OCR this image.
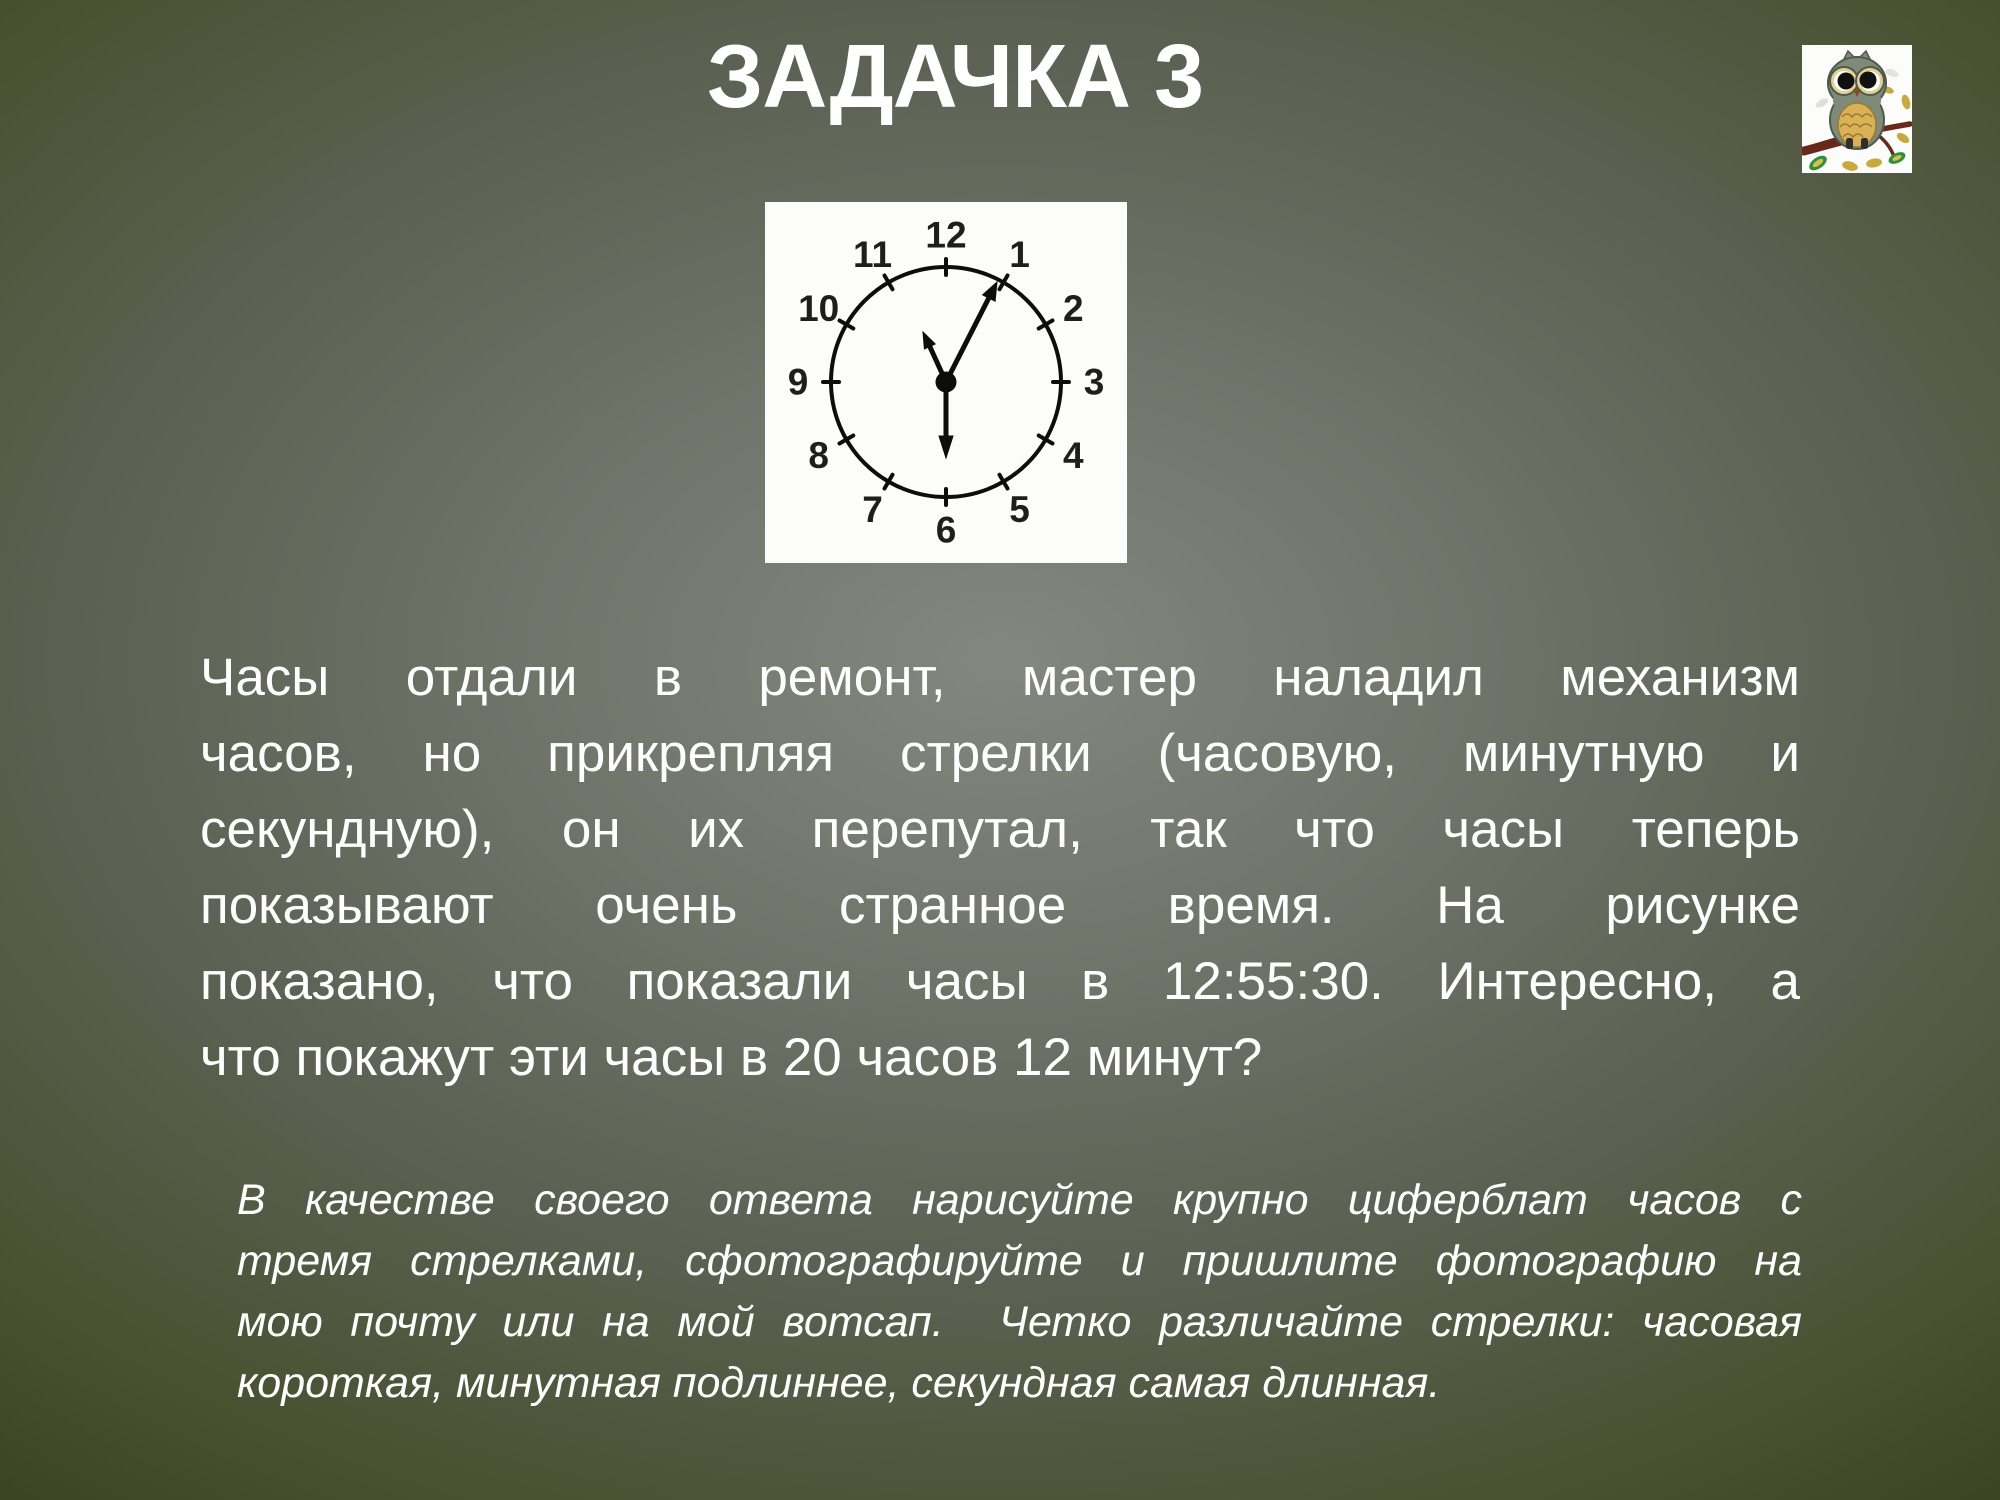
ЗАДАЧКА 3
12 1
2
3
4
5
6
7
8
9
10
11
Часы отдали в ремонт, мастер наладил механизм
часов, но прикрепляя стрелки (часовую, минутную и
секундную), он их перепутал, так что часы теперь
показывают очень странное время. На рисунке
показано, что показали часы в 12:55:30. Интересно, а
что покажут эти часы в 20 часов 12 минут?
В качестве своего ответа нарисуйте крупно циферблат часов с
тремя стрелками, сфотографируйте и пришлите фотографию на
мою почту или на мой вотсап.  Четко различайте стрелки: часовая
короткая, минутная подлиннее, секундная самая длинная.
